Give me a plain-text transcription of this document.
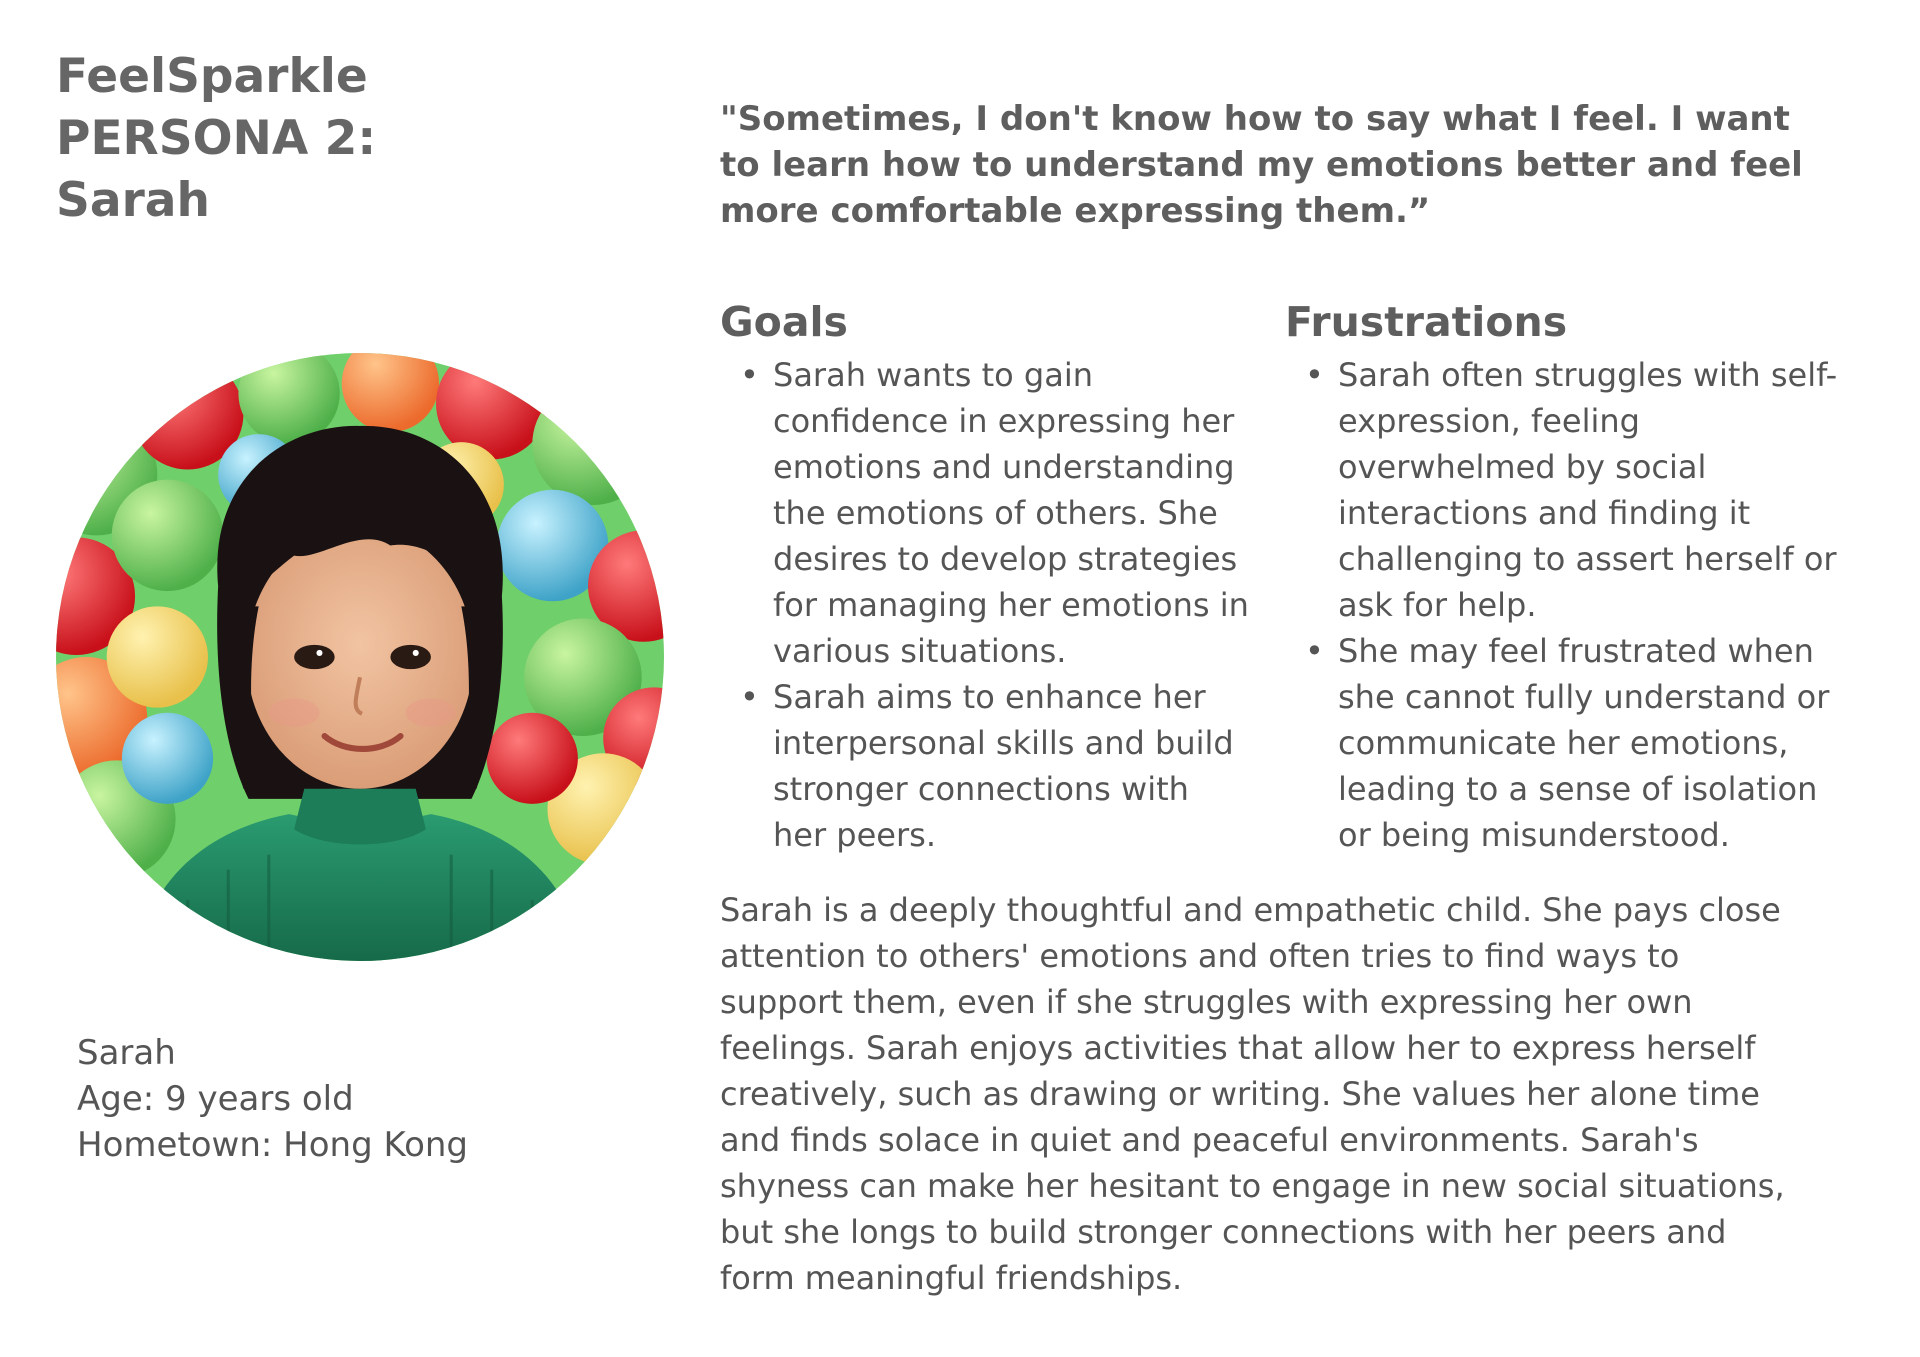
FeelSparkle
PERSONA 2:
Sarah
Sarah
Age: 9 years old
Hometown: Hong Kong

"Sometimes, I don't know how to say what I feel. I want to learn how to understand my emotions better and feel more comfortable expressing them.”

Goals
• Sarah wants to gain confidence in expressing her emotions and understanding the emotions of others. She desires to develop strategies for managing her emotions in various situations.
• Sarah aims to enhance her interpersonal skills and build stronger connections with her peers.
Frustrations
• Sarah often struggles with self-expression, feeling overwhelmed by social interactions and finding it challenging to assert herself or ask for help.
• She may feel frustrated when she cannot fully understand or communicate her emotions, leading to a sense of isolation or being misunderstood.

Sarah is a deeply thoughtful and empathetic child. She pays close attention to others' emotions and often tries to find ways to support them, even if she struggles with expressing her own feelings. Sarah enjoys activities that allow her to express herself creatively, such as drawing or writing. She values her alone time and finds solace in quiet and peaceful environments. Sarah's shyness can make her hesitant to engage in new social situations, but she longs to build stronger connections with her peers and form meaningful friendships.
